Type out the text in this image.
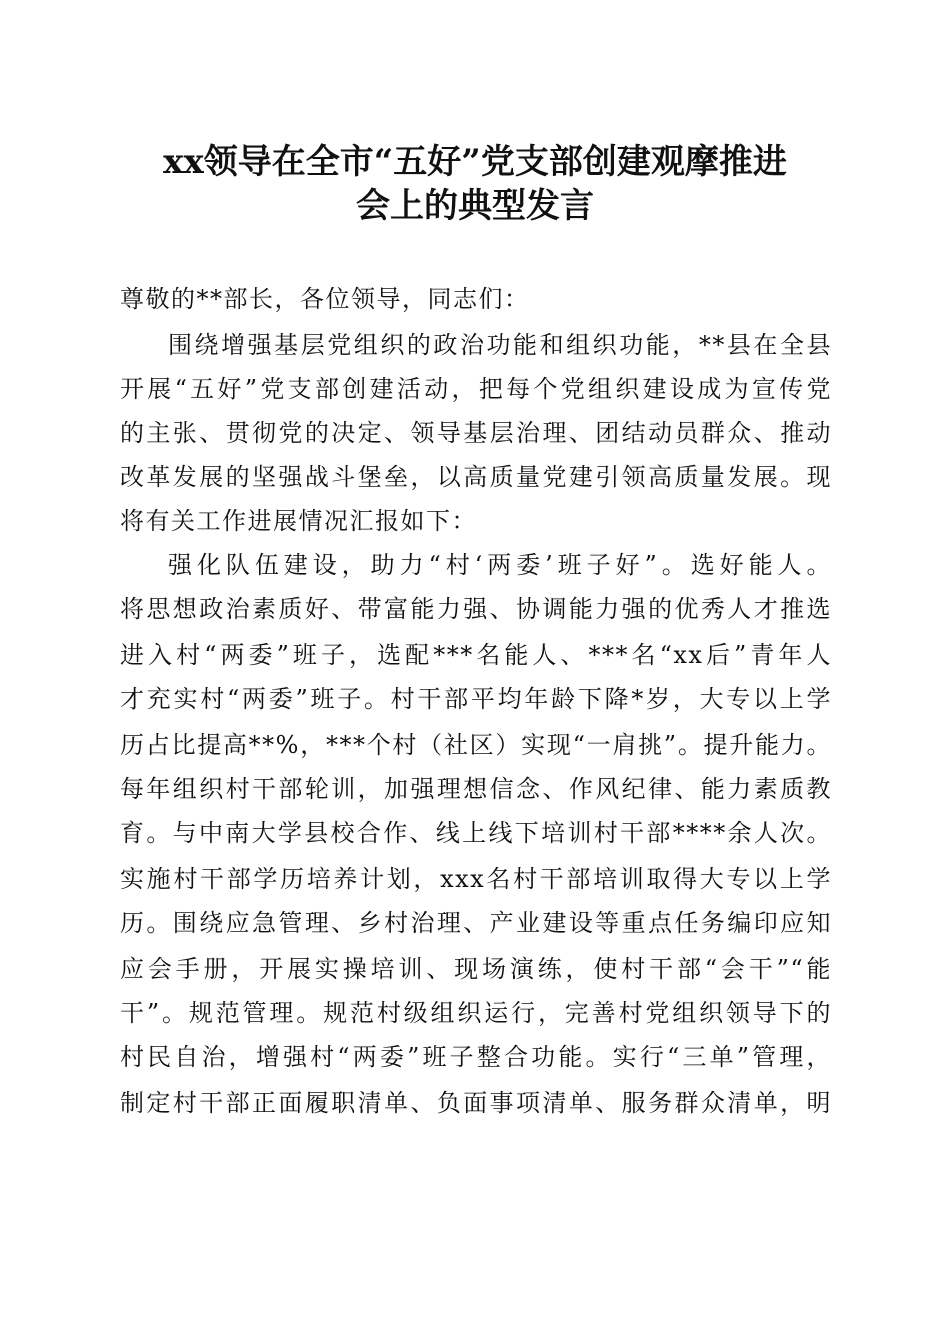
xx领导在全市“五好”党支部创建观摩推进
会上的典型发言
尊敬的**部长，各位领导，同志们：
围绕增强基层党组织的政治功能和组织功能，**县在全县
开展“五好”党支部创建活动，把每个党组织建设成为宣传党
的主张、贯彻党的决定、领导基层治理、团结动员群众、推动
改革发展的坚强战斗堡垒，以高质量党建引领高质量发展。现
将有关工作进展情况汇报如下：
强化队伍建设，助力“村‘两委’班子好”。选好能人。
将思想政治素质好、带富能力强、协调能力强的优秀人才推选
进入村“两委”班子，选配***名能人、***名“xx后”青年人
才充实村“两委”班子。村干部平均年龄下降*岁，大专以上学
历占比提高**%，***个村（社区）实现“一肩挑”。提升能力。
每年组织村干部轮训，加强理想信念、作风纪律、能力素质教
育。与中南大学县校合作、线上线下培训村干部****余人次。
实施村干部学历培养计划，xxx名村干部培训取得大专以上学
历。围绕应急管理、乡村治理、产业建设等重点任务编印应知
应会手册，开展实操培训、现场演练，使村干部“会干”“能
干”。规范管理。规范村级组织运行，完善村党组织领导下的
村民自治，增强村“两委”班子整合功能。实行“三单”管理，
制定村干部正面履职清单、负面事项清单、服务群众清单，明
